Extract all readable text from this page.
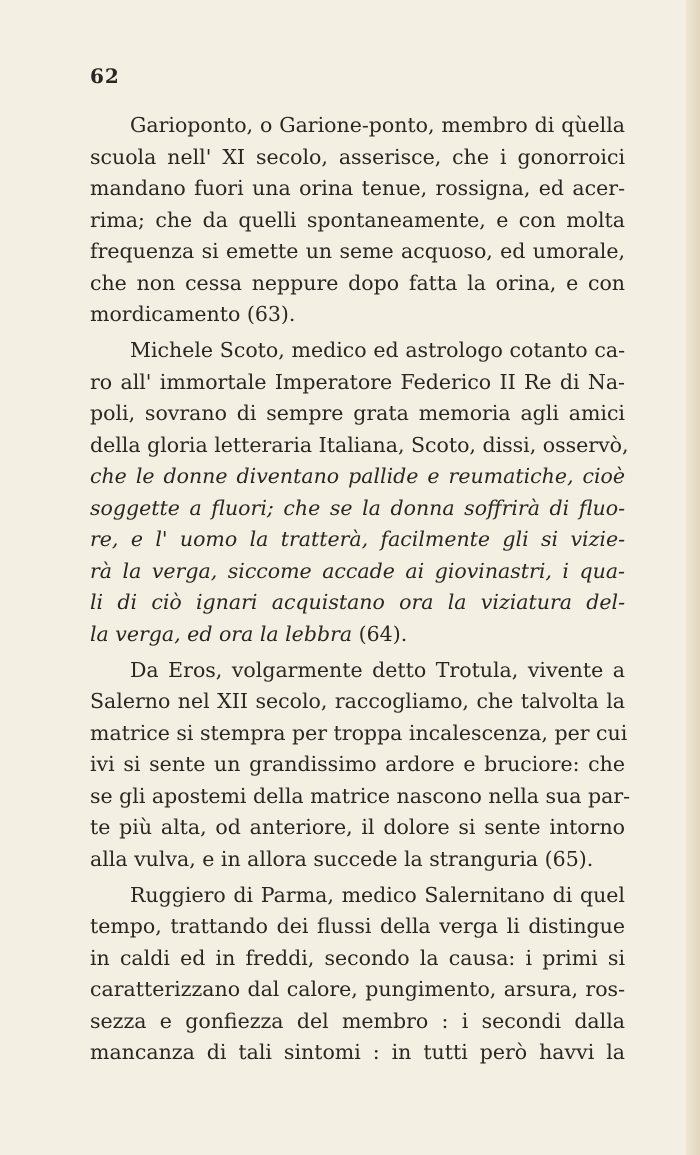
62
Garioponto, o Garione-ponto, membro di qùella
scuola nell' XI secolo, asserisce, che i gonorroici
mandano fuori una orina tenue, rossigna, ed acer-
rima; che da quelli spontaneamente, e con molta
frequenza si emette un seme acquoso, ed umorale,
che non cessa neppure dopo fatta la orina, e con
mordicamento (63).
Michele Scoto, medico ed astrologo cotanto ca-
ro all' immortale Imperatore Federico II Re di Na-
poli, sovrano di sempre grata memoria agli amici
della gloria letteraria Italiana, Scoto, dissi, osservò,
che le donne diventano pallide e reumatiche, cioè
soggette a fluori; che se la donna soffrirà di fluo-
re, e l' uomo la tratterà, facilmente gli si vizie-
rà la verga, siccome accade ai giovinastri, i qua-
li di ciò ignari acquistano ora la viziatura del-
la verga, ed ora la lebbra (64).
Da Eros, volgarmente detto Trotula, vivente a
Salerno nel XII secolo, raccogliamo, che talvolta la
matrice si stempra per troppa incalescenza, per cui
ivi si sente un grandissimo ardore e bruciore: che
se gli apostemi della matrice nascono nella sua par-
te più alta, od anteriore, il dolore si sente intorno
alla vulva, e in allora succede la stranguria (65).
Ruggiero di Parma, medico Salernitano di quel
tempo, trattando dei flussi della verga li distingue
in caldi ed in freddi, secondo la causa: i primi si
caratterizzano dal calore, pungimento, arsura, ros-
sezza e gonfiezza del membro : i secondi dalla
mancanza di tali sintomi : in tutti però havvi la
